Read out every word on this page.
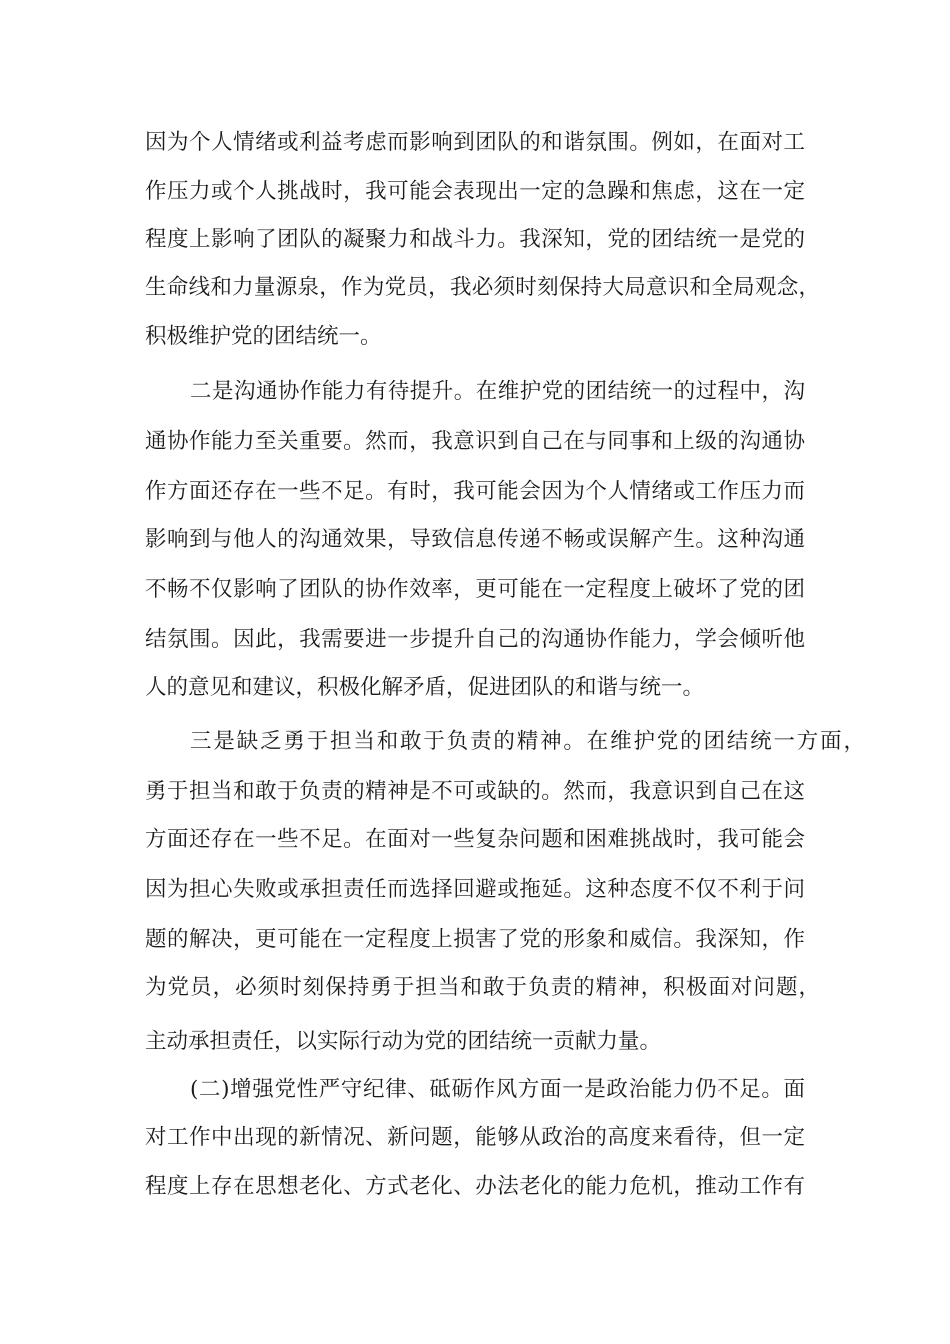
因为个人情绪或利益考虑而影响到团队的和谐氛围。例如，在面对工
作压力或个人挑战时，我可能会表现出一定的急躁和焦虑，这在一定
程度上影响了团队的凝聚力和战斗力。我深知，党的团结统一是党的
生命线和力量源泉，作为党员，我必须时刻保持大局意识和全局观念，
积极维护党的团结统一。
二是沟通协作能力有待提升。在维护党的团结统一的过程中，沟
通协作能力至关重要。然而，我意识到自己在与同事和上级的沟通协
作方面还存在一些不足。有时，我可能会因为个人情绪或工作压力而
影响到与他人的沟通效果，导致信息传递不畅或误解产生。这种沟通
不畅不仅影响了团队的协作效率，更可能在一定程度上破坏了党的团
结氛围。因此，我需要进一步提升自己的沟通协作能力，学会倾听他
人的意见和建议，积极化解矛盾，促进团队的和谐与统一。
三是缺乏勇于担当和敢于负责的精神。在维护党的团结统一方面，
勇于担当和敢于负责的精神是不可或缺的。然而，我意识到自己在这
方面还存在一些不足。在面对一些复杂问题和困难挑战时，我可能会
因为担心失败或承担责任而选择回避或拖延。这种态度不仅不利于问
题的解决，更可能在一定程度上损害了党的形象和威信。我深知，作
为党员，必须时刻保持勇于担当和敢于负责的精神，积极面对问题，
主动承担责任，以实际行动为党的团结统一贡献力量。
(二)增强党性严守纪律、砥砺作风方面一是政治能力仍不足。面
对工作中出现的新情况、新问题，能够从政治的高度来看待，但一定
程度上存在思想老化、方式老化、办法老化的能力危机，推动工作有
